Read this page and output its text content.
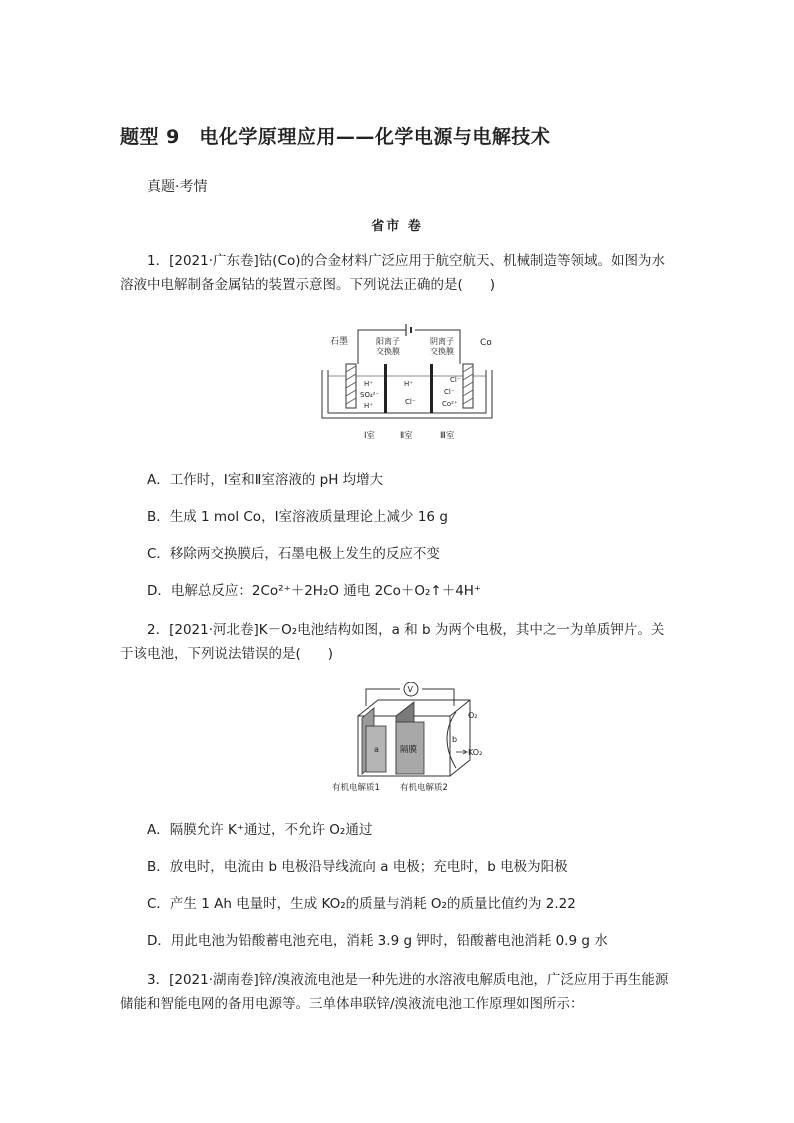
题型 9　电化学原理应用——化学电源与电解技术
真题·考情
省市 卷
1．[2021·广东卷]钴(Co)的合金材料广泛应用于航空航天、机械制造等领域。如图为水
溶液中电解制备金属钴的装置示意图。下列说法正确的是(　　)
石墨	阳离子
交换膜
阴离子
交换膜
Co
H⁺
SO₄²⁻
H⁺
H⁺
Cl⁻
Cl⁻
Cl⁻
Co²⁺
Ⅰ室	Ⅱ室	Ⅲ室
A．工作时，Ⅰ室和Ⅱ室溶液的 pH 均增大
B．生成 1 mol Co，Ⅰ室溶液质量理论上减少 16 g
C．移除两交换膜后，石墨电极上发生的反应不变
D．电解总反应：2Co²⁺＋2H₂O 通电 2Co＋O₂↑＋4H⁺
2．[2021·河北卷]K－O₂电池结构如图，a 和 b 为两个电极，其中之一为单质钾片。关
于该电池，下列说法错误的是(　　)
V
a 隔膜
b
O₂
KO₂
有机电解质1 有机电解质2
A．隔膜允许 K⁺通过，不允许 O₂通过
B．放电时，电流由 b 电极沿导线流向 a 电极；充电时，b 电极为阳极
C．产生 1 Ah 电量时，生成 KO₂的质量与消耗 O₂的质量比值约为 2.22
D．用此电池为铅酸蓄电池充电，消耗 3.9 g 钾时，铅酸蓄电池消耗 0.9 g 水
3．[2021·湖南卷]锌/溴液流电池是一种先进的水溶液电解质电池，广泛应用于再生能源
储能和智能电网的备用电源等。三单体串联锌/溴液流电池工作原理如图所示：
